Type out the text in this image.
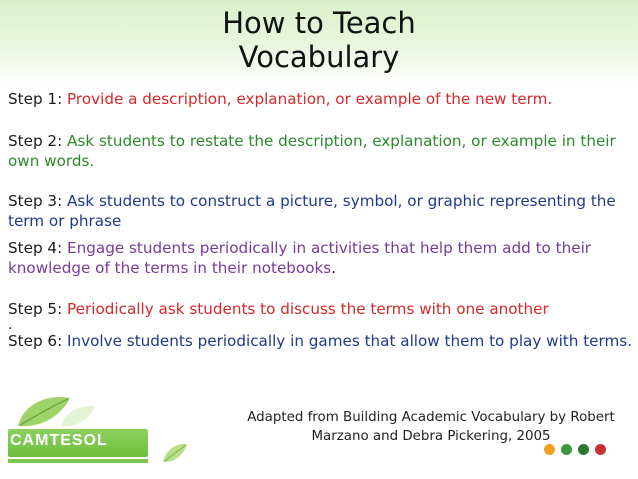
How to Teach
Vocabulary

Step 1: Provide a description, explanation, or example of the new term.

Step 2: Ask students to restate the description, explanation, or example in their own words.

Step 3: Ask students to construct a picture, symbol, or graphic representing the term or phrase

Step 4: Engage students periodically in activities that help them add to their knowledge of the terms in their notebooks.

Step 5: Periodically ask students to discuss the terms with one another

.

Step 6: Involve students periodically in games that allow them to play with terms.

Adapted from Building Academic Vocabulary by Robert
Marzano and Debra Pickering, 2005
CAMTESOL
